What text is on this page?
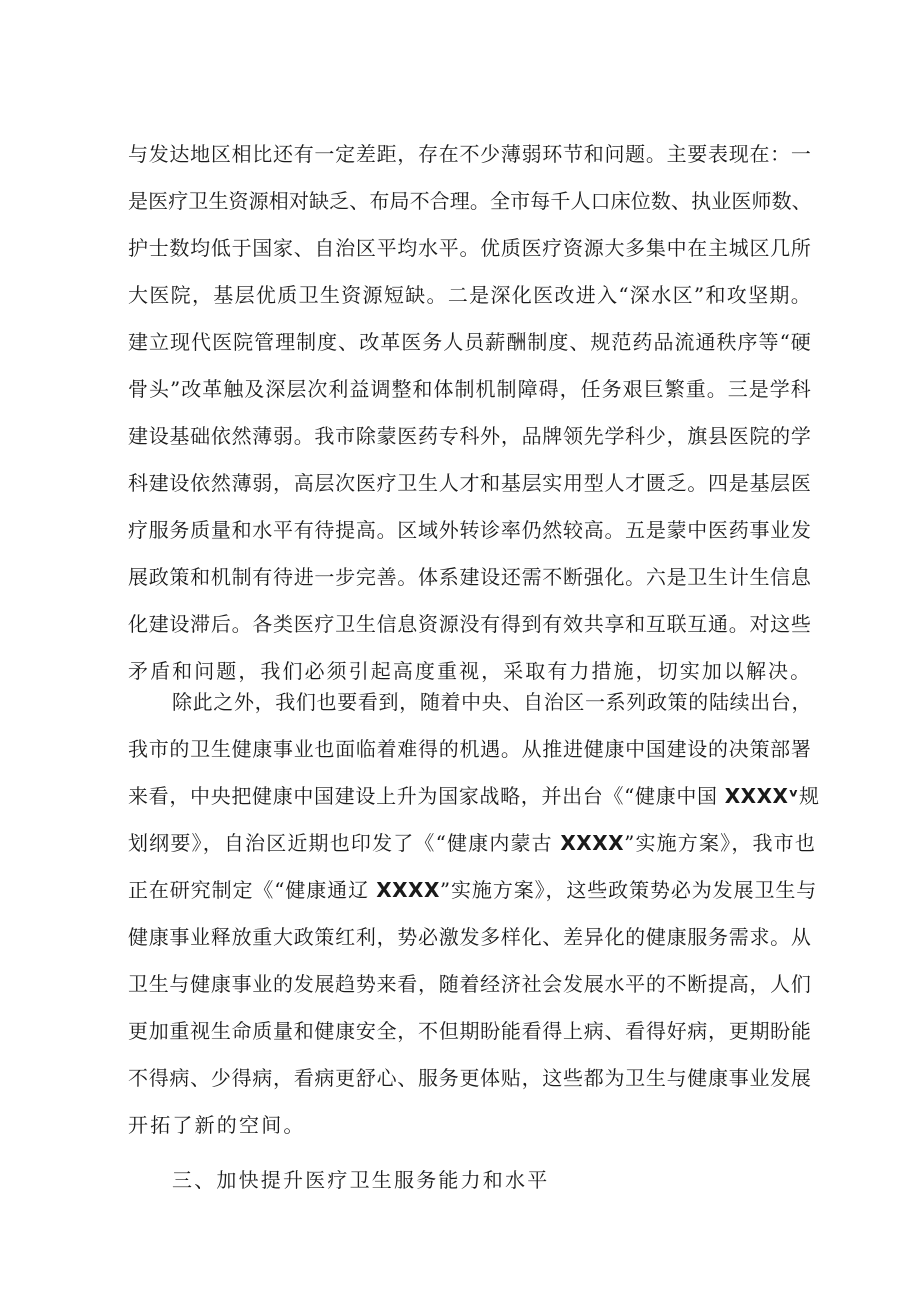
与发达地区相比还有一定差距，存在不少薄弱环节和问题。主要表现在：一
是医疗卫生资源相对缺乏、布局不合理。全市每千人口床位数、执业医师数、
护士数均低于国家、自治区平均水平。优质医疗资源大多集中在主城区几所
大医院，基层优质卫生资源短缺。二是深化医改进入“深水区”和攻坚期。
建立现代医院管理制度、改革医务人员薪酬制度、规范药品流通秩序等“硬
骨头”改革触及深层次利益调整和体制机制障碍，任务艰巨繁重。三是学科
建设基础依然薄弱。我市除蒙医药专科外，品牌领先学科少，旗县医院的学
科建设依然薄弱，高层次医疗卫生人才和基层实用型人才匮乏。四是基层医
疗服务质量和水平有待提高。区域外转诊率仍然较高。五是蒙中医药事业发
展政策和机制有待进一步完善。体系建设还需不断强化。六是卫生计生信息
化建设滞后。各类医疗卫生信息资源没有得到有效共享和互联互通。对这些
矛盾和问题，我们必须引起高度重视，采取有力措施，切实加以解决。
除此之外，我们也要看到，随着中央、自治区一系列政策的陆续出台，
我市的卫生健康事业也面临着难得的机遇。从推进健康中国建设的决策部署
来看，中央把健康中国建设上升为国家战略，并出台《“健康中国 XXXXᵛ规
划纲要》，自治区近期也印发了《“健康内蒙古 XXXX”实施方案》，我市也
正在研究制定《“健康通辽 XXXX”实施方案》，这些政策势必为发展卫生与
健康事业释放重大政策红利，势必激发多样化、差异化的健康服务需求。从
卫生与健康事业的发展趋势来看，随着经济社会发展水平的不断提高，人们
更加重视生命质量和健康安全，不但期盼能看得上病、看得好病，更期盼能
不得病、少得病，看病更舒心、服务更体贴，这些都为卫生与健康事业发展
开拓了新的空间。
三、加快提升医疗卫生服务能力和水平
